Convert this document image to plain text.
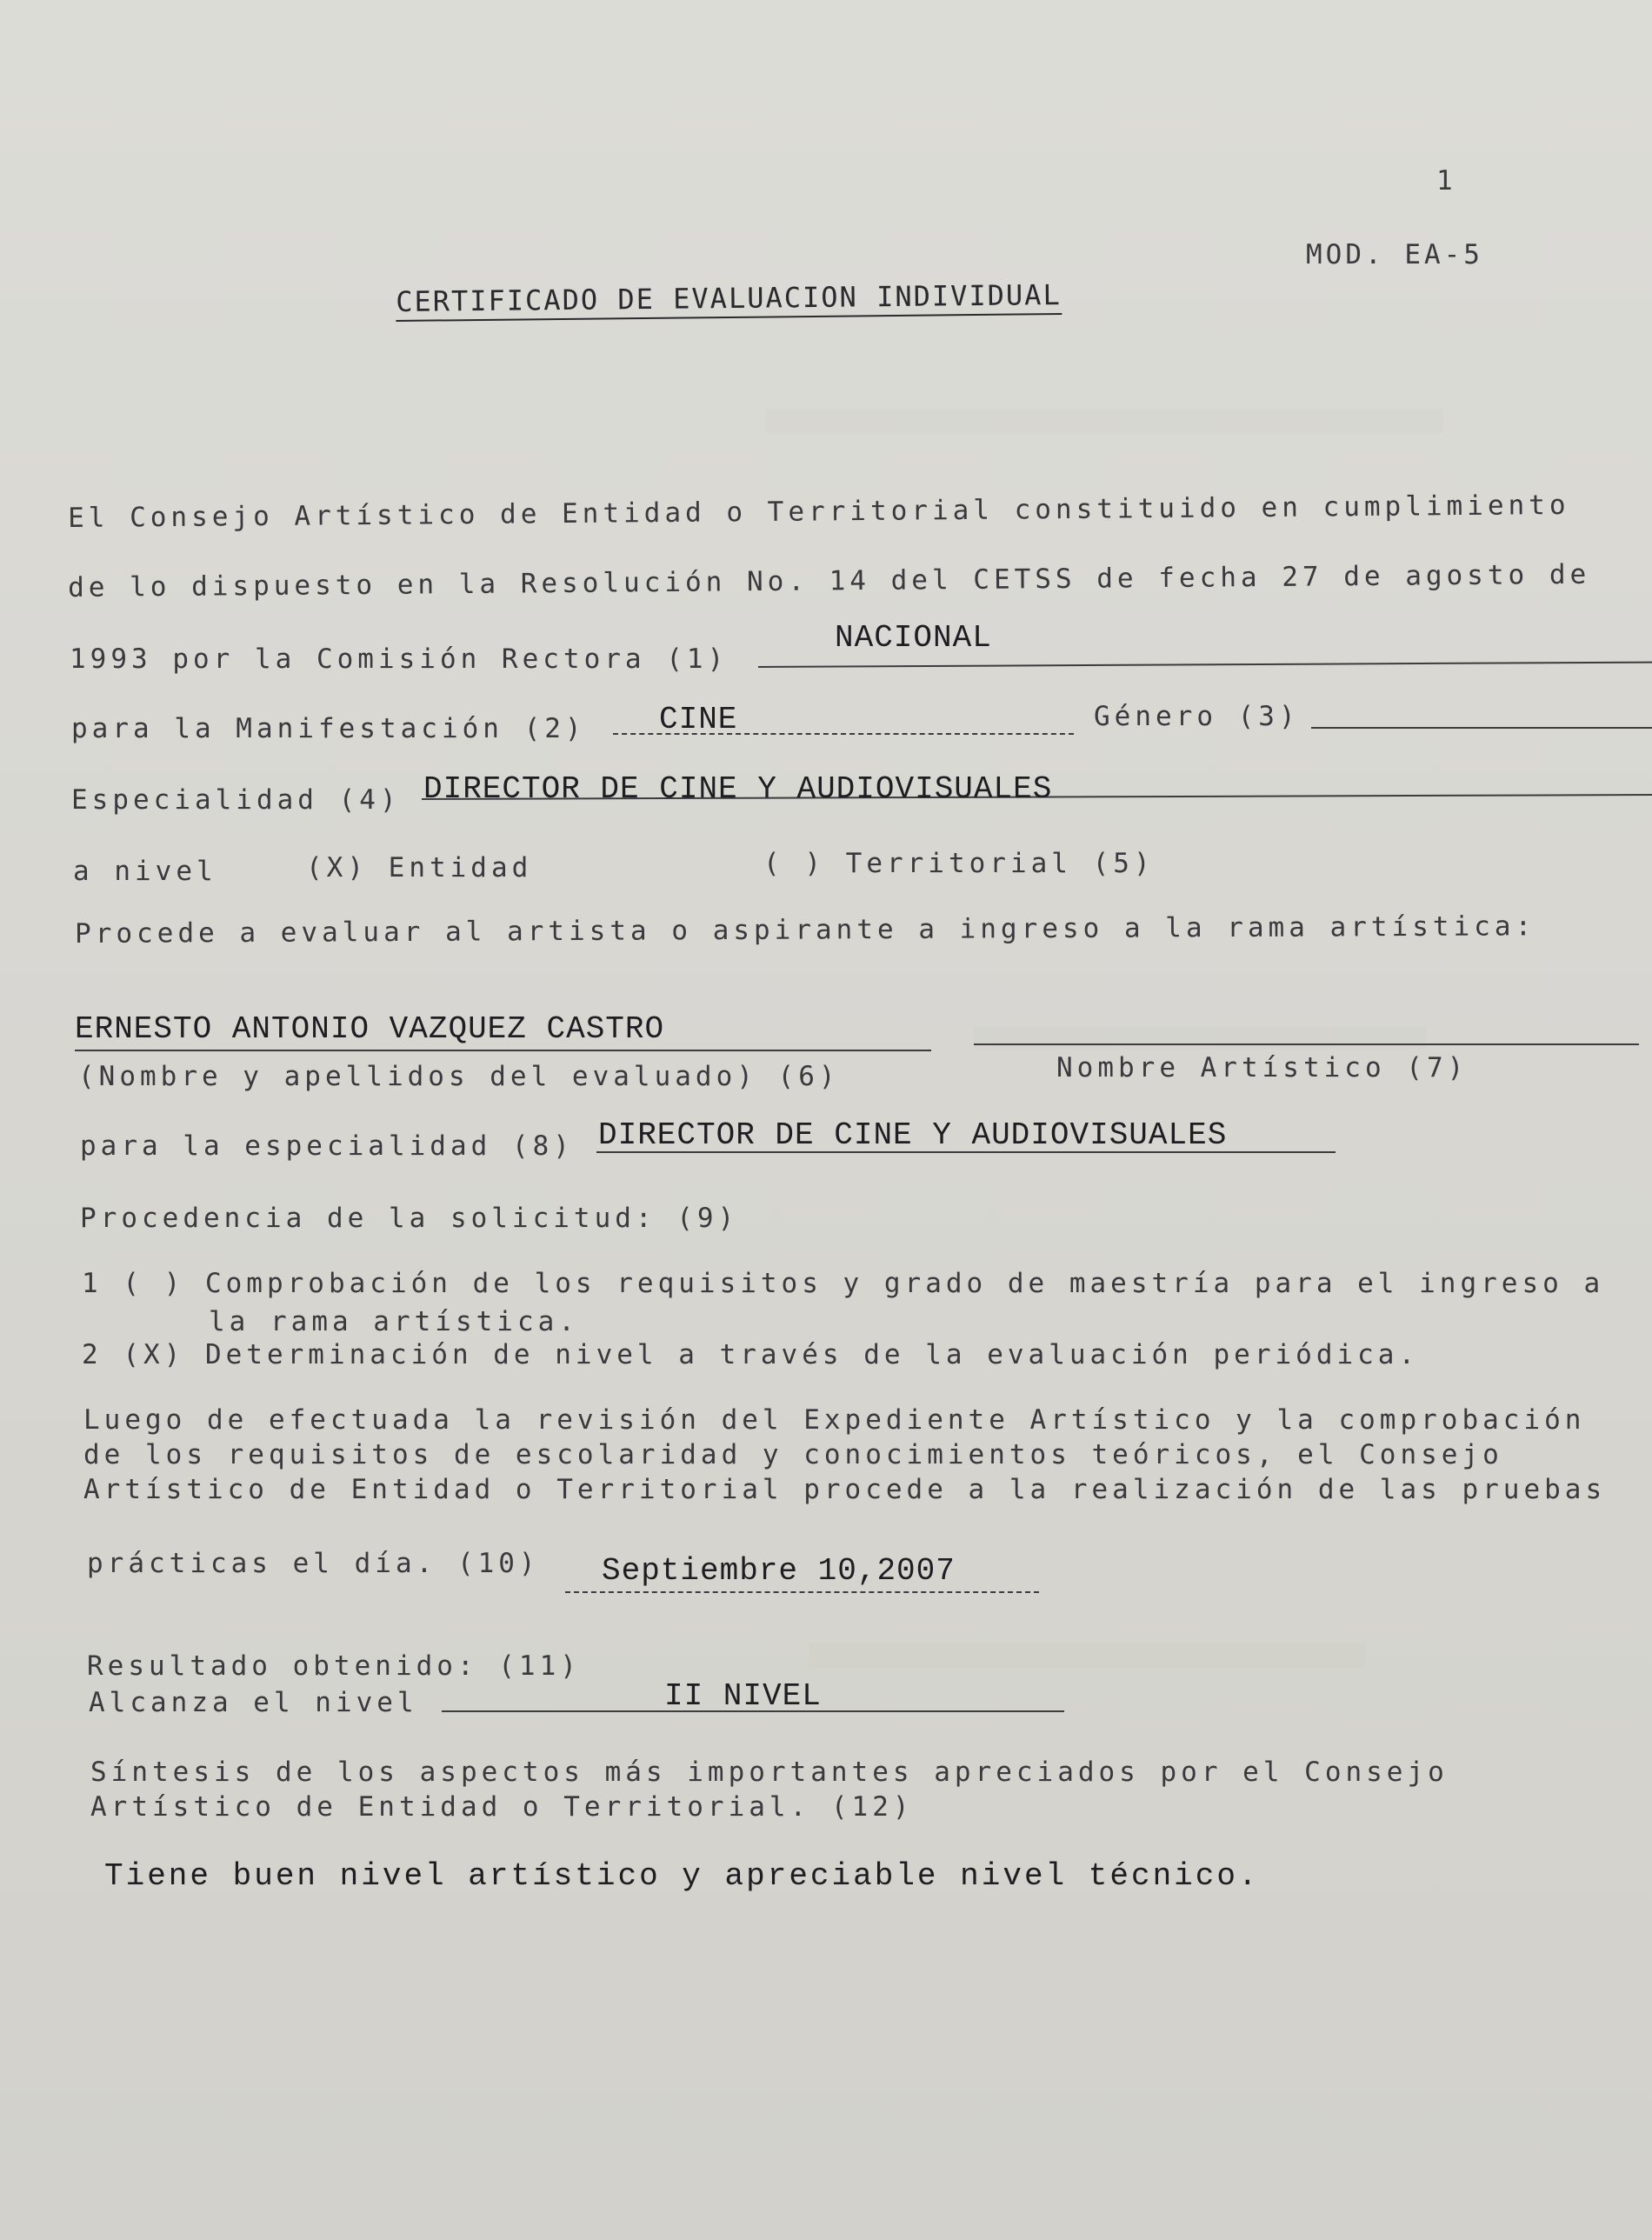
1
MOD. EA-5
CERTIFICADO DE EVALUACION INDIVIDUAL
El Consejo Artístico de Entidad o Territorial constituido en cumplimiento
de lo dispuesto en la Resolución No. 14 del CETSS de fecha 27 de agosto de
1993 por la Comisión Rectora (1)
NACIONAL
para la Manifestación (2) CINE	Género (3)
Especialidad (4) DIRECTOR DE CINE Y AUDIOVISUALES
a nivel	(X) Entidad	( ) Territorial (5)
Procede a evaluar al artista o aspirante a ingreso a la rama artística:
ERNESTO ANTONIO VAZQUEZ CASTRO
(Nombre y apellidos del evaluado) (6)	Nombre Artístico (7)
para la especialidad (8) DIRECTOR DE CINE Y AUDIOVISUALES
Procedencia de la solicitud: (9)
1 ( ) Comprobación de los requisitos y grado de maestría para el ingreso a
la rama artística.
2 (X) Determinación de nivel a través de la evaluación periódica.
Luego de efectuada la revisión del Expediente Artístico y la comprobación
de los requisitos de escolaridad y conocimientos teóricos, el Consejo
Artístico de Entidad o Territorial procede a la realización de las pruebas
prácticas el día. (10) Septiembre 10,2007
Resultado obtenido: (11)
Alcanza el nivel	II NIVEL
Síntesis de los aspectos más importantes apreciados por el Consejo
Artístico de Entidad o Territorial. (12)
Tiene buen nivel artístico y apreciable nivel técnico.
